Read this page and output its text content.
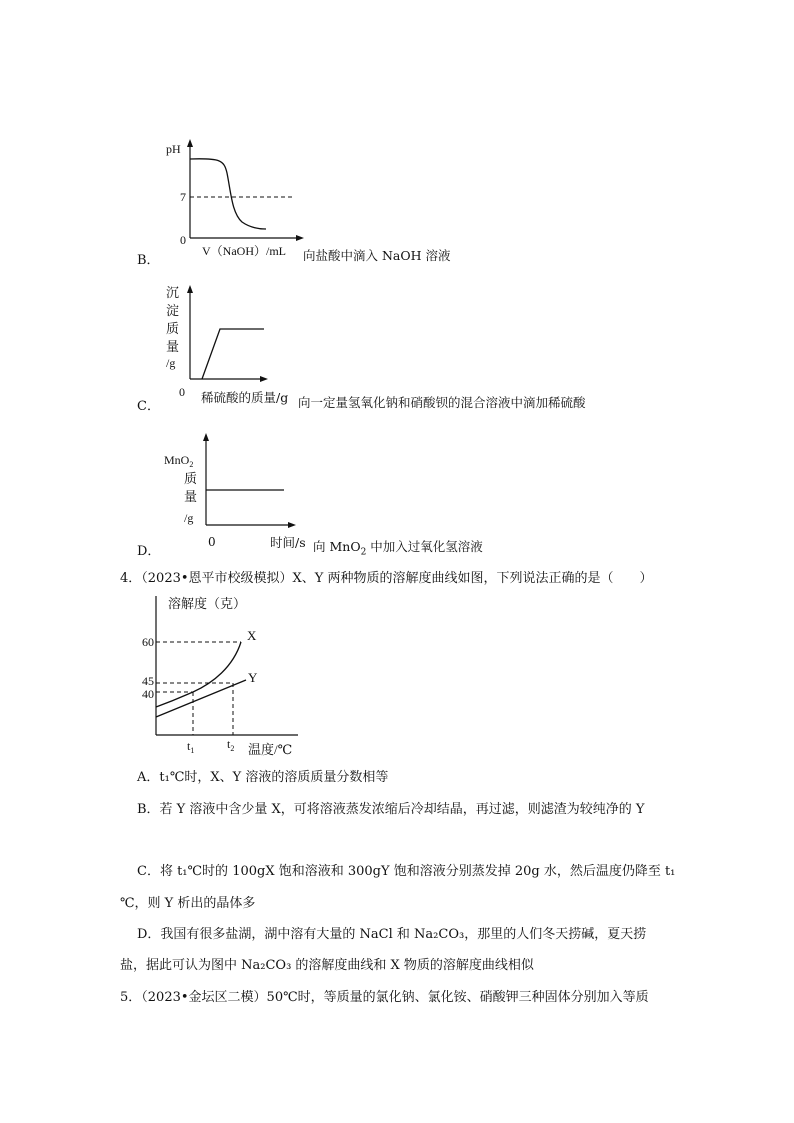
B．
pH
7
0
V（NaOH）/mL 向盐酸中滴入 NaOH 溶液
C．
沉
淀
质
量
/g
0 稀硫酸的质量/g 向一定量氢氧化钠和硝酸钡的混合溶液中滴加稀硫酸
D．
MnO$_2$
质
量
/g
0	时间/s 向 MnO$_2$ 中加入过氧化氢溶液
4．（2023•恩平市校级模拟）X、Y 两种物质的溶解度曲线如图，下列说法正确的是（　　）
溶解度（克）
60
45
40
X
Y
$t_1$	$t_2$ 温度/℃
A．t₁℃时，X、Y 溶液的溶质质量分数相等
B．若 Y 溶液中含少量 X，可将溶液蒸发浓缩后冷却结晶，再过滤，则滤渣为较纯净的 Y
C．将 t₁℃时的 100gX 饱和溶液和 300gY 饱和溶液分别蒸发掉 20g 水，然后温度仍降至 t₁
℃，则 Y 析出的晶体多
D．我国有很多盐湖，湖中溶有大量的 NaCl 和 Na₂CO₃，那里的人们冬天捞碱，夏天捞
盐，据此可认为图中 Na₂CO₃ 的溶解度曲线和 X 物质的溶解度曲线相似
5．（2023•金坛区二模）50℃时，等质量的氯化钠、氯化铵、硝酸钾三种固体分别加入等质
